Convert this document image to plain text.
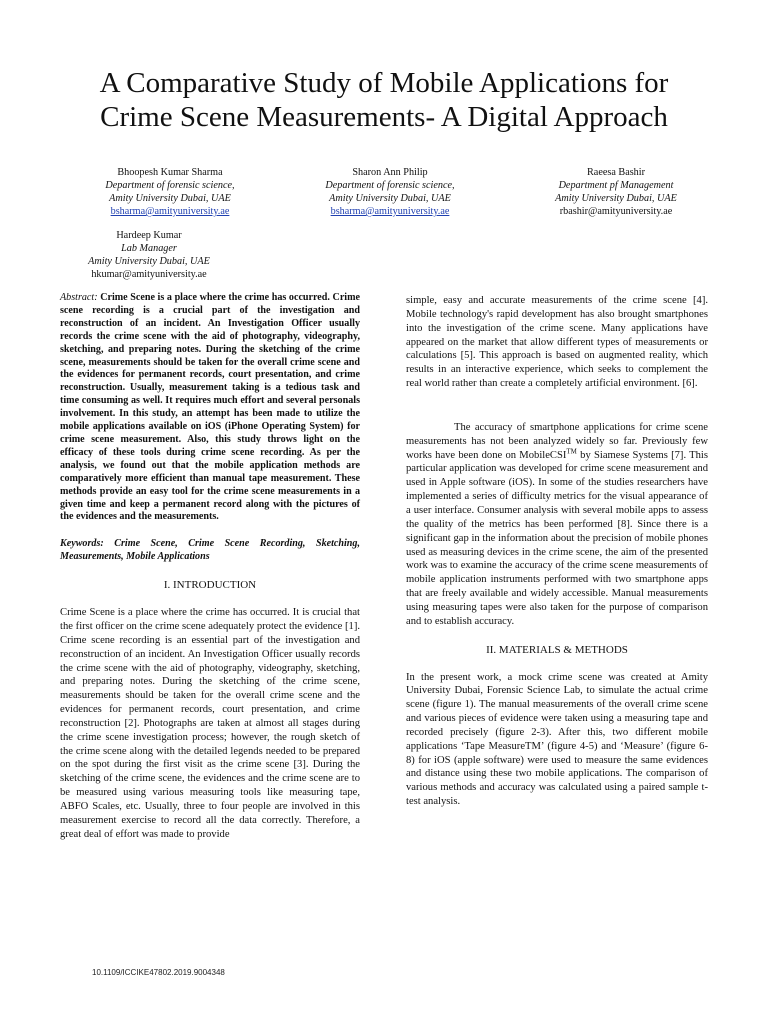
A Comparative Study of Mobile Applications for
Crime Scene Measurements- A Digital Approach
Bhoopesh Kumar Sharma
Department of forensic science,
Amity University Dubai, UAE
bsharma@amityuniversity.ae
Sharon Ann Philip
Department of forensic science,
Amity University Dubai, UAE
bsharma@amityuniversity.ae
Raeesa Bashir
Department pf Management
Amity University Dubai, UAE
rbashir@amityuniversity.ae
Hardeep Kumar
Lab Manager
Amity University Dubai, UAE
hkumar@amityuniversity.ae

Abstract: Crime Scene is a place where the crime has occurred. Crime scene recording is a crucial part of the investigation and reconstruction of an incident. An Investigation Officer usually records the crime scene with the aid of photography, videography, sketching, and preparing notes. During the sketching of the crime scene, measurements should be taken for the overall crime scene and the evidences for permanent records, court presentation, and crime reconstruction. Usually, measurement taking is a tedious task and time consuming as well. It requires much effort and several personals involvement. In this study, an attempt has been made to utilize the mobile applications available on iOS (iPhone Operating System) for crime scene measurement. Also, this study throws light on the efficacy of these tools during crime scene recording. As per the analysis, we found out that the mobile application methods are comparatively more efficient than manual tape measurement. These methods provide an easy tool for the crime scene measurements in a given time and keep a permanent record along with the pictures of the evidences and the measurements.

Keywords: Crime Scene, Crime Scene Recording, Sketching, Measurements, Mobile Applications

I. INTRODUCTION

Crime Scene is a place where the crime has occurred. It is crucial that the first officer on the crime scene adequately protect the evidence [1]. Crime scene recording is an essential part of the investigation and reconstruction of an incident. An Investigation Officer usually records the crime scene with the aid of photography, videography, sketching, and preparing notes. During the sketching of the crime scene, measurements should be taken for the overall crime scene and the evidences for permanent records, court presentation, and crime reconstruction [2]. Photographs are taken at almost all stages during the crime scene investigation process; however, the rough sketch of the crime scene along with the detailed legends needed to be prepared on the spot during the first visit as the crime scene [3]. During the sketching of the crime scene, the evidences and the crime scene are to be measured using various measuring tools like measuring tape, ABFO Scales, etc. Usually, three to four people are involved in this measurement exercise to record all the data correctly. Therefore, a great deal of effort was made to provide

simple, easy and accurate measurements of the crime scene [4]. Mobile technology's rapid development has also brought smartphones into the investigation of the crime scene. Many applications have appeared on the market that allow different types of measurements or calculations [5]. This approach is based on augmented reality, which results in an interactive experience, which seeks to complement the real world rather than create a completely artificial environment. [6].

The accuracy of smartphone applications for crime scene measurements has not been analyzed widely so far. Previously few works have been done on MobileCSI™ by Siamese Systems [7]. This particular application was developed for crime scene measurement and used in Apple software (iOS). In some of the studies researchers have implemented a series of difficulty metrics for the visual appearance of a user interface. Consumer analysis with several mobile apps to assess the quality of the metrics has been performed [8]. Since there is a significant gap in the information about the precision of mobile phones used as measuring devices in the crime scene, the aim of the presented work was to examine the accuracy of the crime scene measurements of mobile application instruments performed with two smartphone apps that are freely available and widely accessible. Manual measurements using measuring tapes were also taken for the purpose of comparison and to establish accuracy.

II. MATERIALS & METHODS

In the present work, a mock crime scene was created at Amity University Dubai, Forensic Science Lab, to simulate the actual crime scene (figure 1). The manual measurements of the overall crime scene and various pieces of evidence were taken using a measuring tape and recorded precisely (figure 2-3). After this, two different mobile applications ‘Tape MeasureTM’ (figure 4-5) and ‘Measure’ (figure 6-8) for iOS (apple software) were used to measure the same evidences and distance using these two mobile applications. The comparison of various methods and accuracy was calculated using a paired sample t-test analysis.

10.1109/ICCIKE47802.2019.9004348
